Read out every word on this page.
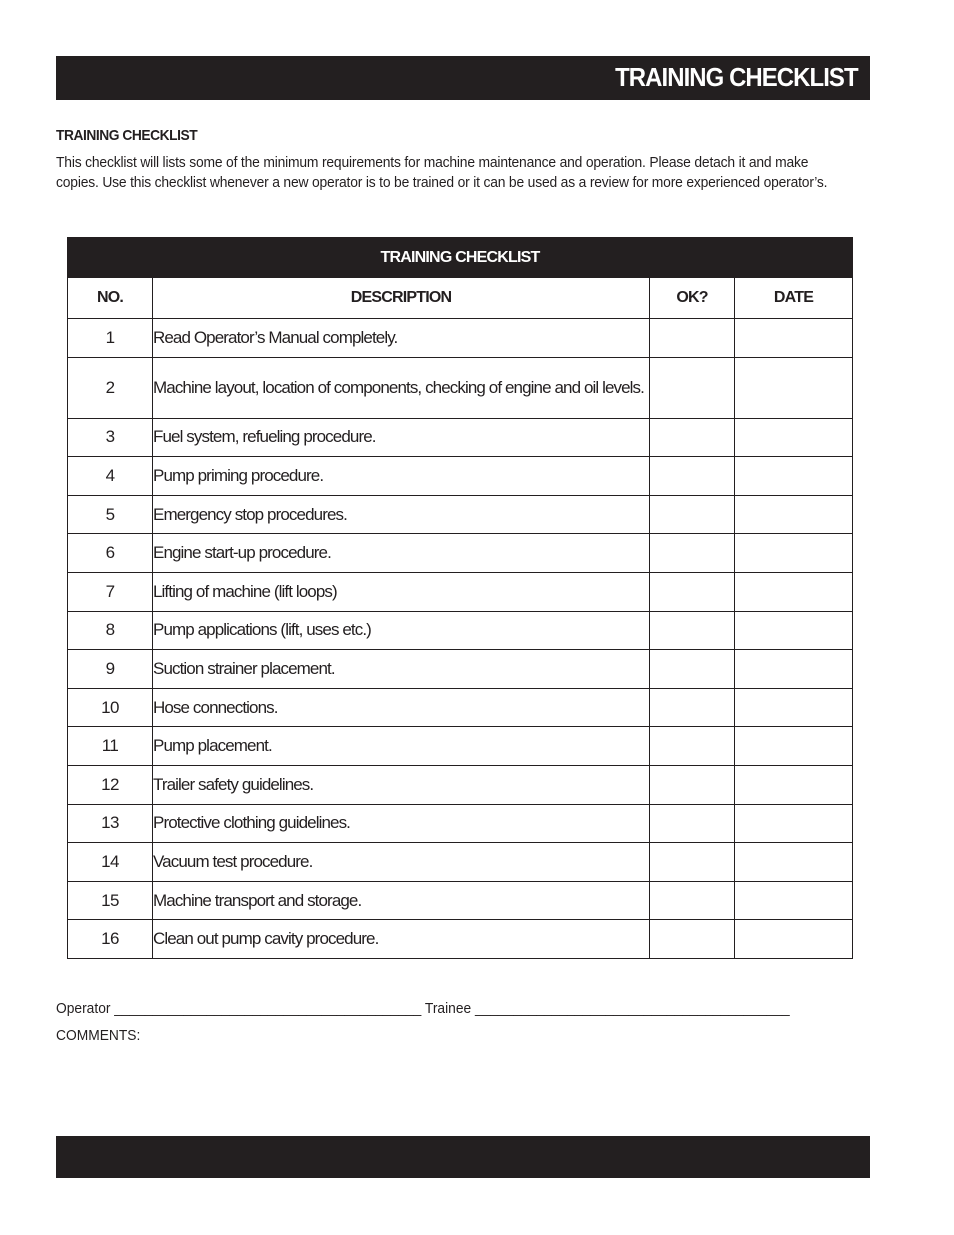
TRAINING CHECKLIST
TRAINING CHECKLIST
This checklist will lists some of the minimum requirements for machine maintenance and operation. Please detach it and make
copies. Use this checklist whenever a new operator is to be trained or it can be used as a review for more experienced operator’s.
TRAINING CHECKLIST			
NO.	DESCRIPTION	OK?	DATE
1	Read Operator’s Manual completely.		
2	Machine layout, location of components, checking of engine and oil levels.		
3	Fuel system, refueling procedure.		
4	Pump priming procedure.		
5	Emergency stop procedures.		
6	Engine start-up procedure.		
7	Lifting of machine (lift loops)		
8	Pump applications (lift, uses etc.)		
9	Suction strainer placement.		
10	Hose connections.		
11	Pump placement.		
12	Trailer safety guidelines.		
13	Protective clothing guidelines.		
14	Vacuum test procedure.		
15	Machine transport and storage.		
16	Clean out pump cavity procedure.		
Operator ________________________________________ Trainee _________________________________________
COMMENTS:
